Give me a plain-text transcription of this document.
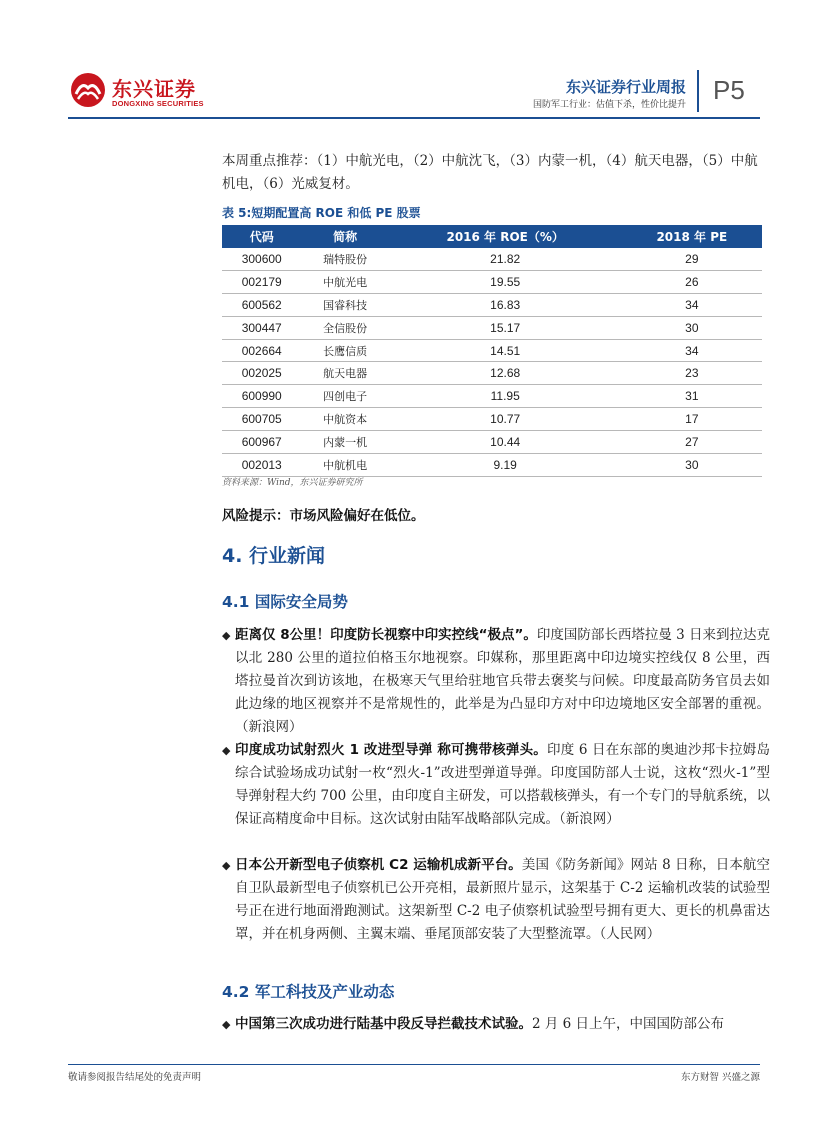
东兴证券
DONGXING SECURITIES
东兴证券行业周报
国防军工行业：估值下杀，性价比提升 P5
本周重点推荐：（1）中航光电，（2）中航沈飞，（3）内蒙一机，（4）航天电器，（5）中航机电，（6）光威复材。
表 5:短期配置高 ROE 和低 PE 股票
代码	简称	2016 年 ROE（%）	2018 年 PE
300600	瑞特股份	21.82	29
002179	中航光电	19.55	26
600562	国睿科技	16.83	34
300447	全信股份	15.17	30
002664	长鹰信质	14.51	34
002025	航天电器	12.68	23
600990	四创电子	11.95	31
600705	中航资本	10.77	17
600967	内蒙一机	10.44	27
002013	中航机电	9.19	30
资料来源：Wind，东兴证券研究所
风险提示：市场风险偏好在低位。
4. 行业新闻
4.1 国际安全局势
◆ 距离仅 8公里！印度防长视察中印实控线“极点”。印度国防部长西塔拉曼 3 日来到拉达克以北 280 公里的道拉伯格玉尔地视察。印媒称，那里距离中印边境实控线仅 8 公里，西塔拉曼首次到访该地，在极寒天气里给驻地官兵带去褒奖与问候。印度最高防务官员去如此边缘的地区视察并不是常规性的，此举是为凸显印方对中印边境地区安全部署的重视。（新浪网）
◆ 印度成功试射烈火 1 改进型导弹 称可携带核弹头。印度 6 日在东部的奥迪沙邦卡拉姆岛综合试验场成功试射一枚“烈火-1”改进型弹道导弹。印度国防部人士说，这枚“烈火-1”型导弹射程大约 700 公里，由印度自主研发，可以搭载核弹头，有一个专门的导航系统，以保证高精度命中目标。这次试射由陆军战略部队完成。（新浪网）
◆ 日本公开新型电子侦察机 C2 运输机成新平台。美国《防务新闻》网站 8 日称，日本航空自卫队最新型电子侦察机已公开亮相，最新照片显示，这架基于 C-2 运输机改装的试验型号正在进行地面滑跑测试。这架新型 C-2 电子侦察机试验型号拥有更大、更长的机鼻雷达罩，并在机身两侧、主翼末端、垂尾顶部安装了大型整流罩。（人民网）
4.2 军工科技及产业动态
◆ 中国第三次成功进行陆基中段反导拦截技术试验。2 月 6 日上午，中国国防部公布
敬请参阅报告结尾处的免责声明	东方财智 兴盛之源
